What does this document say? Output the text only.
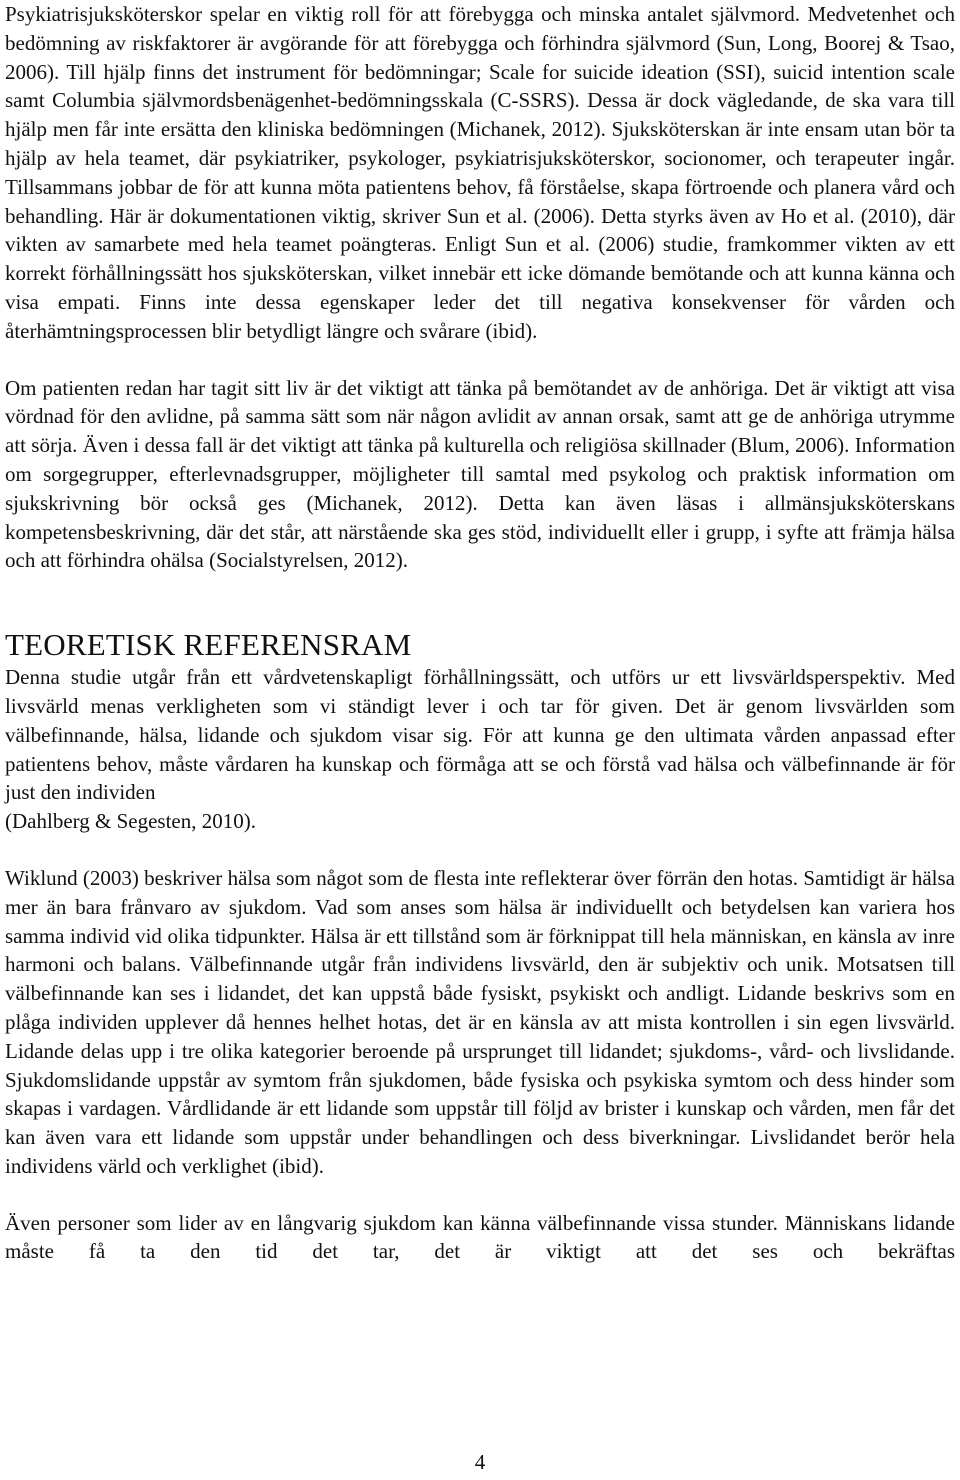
Psykiatrisjuksköterskor spelar en viktig roll för att förebygga och minska antalet självmord. Medvetenhet och bedömning av riskfaktorer är avgörande för att förebygga och förhindra självmord (Sun, Long, Boorej & Tsao, 2006). Till hjälp finns det instrument för bedömningar; Scale for suicide ideation (SSI), suicid intention scale samt Columbia självmordsbenägenhet-bedömningsskala (C-SSRS). Dessa är dock vägledande, de ska vara till hjälp men får inte ersätta den kliniska bedömningen (Michanek, 2012). Sjuksköterskan är inte ensam utan bör ta hjälp av hela teamet, där psykiatriker, psykologer, psykiatrisjuksköterskor, socionomer, och terapeuter ingår. Tillsammans jobbar de för att kunna möta patientens behov, få förståelse, skapa förtroende och planera vård och behandling. Här är dokumentationen viktig, skriver Sun et al. (2006). Detta styrks även av Ho et al. (2010), där vikten av samarbete med hela teamet poängteras. Enligt Sun et al. (2006) studie, framkommer vikten av ett korrekt förhållningssätt hos sjuksköterskan, vilket innebär ett icke dömande bemötande och att kunna känna och visa empati. Finns inte dessa egenskaper leder det till negativa konsekvenser för vården och återhämtningsprocessen blir betydligt längre och svårare (ibid).

Om patienten redan har tagit sitt liv är det viktigt att tänka på bemötandet av de anhöriga. Det är viktigt att visa vördnad för den avlidne, på samma sätt som när någon avlidit av annan orsak, samt att ge de anhöriga utrymme att sörja. Även i dessa fall är det viktigt att tänka på kulturella och religiösa skillnader (Blum, 2006). Information om sorgegrupper, efterlevnadsgrupper, möjligheter till samtal med psykolog och praktisk information om sjukskrivning bör också ges (Michanek, 2012). Detta kan även läsas i allmänsjuksköterskans kompetensbeskrivning, där det står, att närstående ska ges stöd, individuellt eller i grupp, i syfte att främja hälsa och att förhindra ohälsa (Socialstyrelsen, 2012).

TEORETISK REFERENSRAM

Denna studie utgår från ett vårdvetenskapligt förhållningssätt, och utförs ur ett livsvärldsperspektiv. Med livsvärld menas verkligheten som vi ständigt lever i och tar för given. Det är genom livsvärlden som välbefinnande, hälsa, lidande och sjukdom visar sig. För att kunna ge den ultimata vården anpassad efter patientens behov, måste vårdaren ha kunskap och förmåga att se och förstå vad hälsa och välbefinnande är för just den individen

(Dahlberg & Segesten, 2010).

Wiklund (2003) beskriver hälsa som något som de flesta inte reflekterar över förrän den hotas. Samtidigt är hälsa mer än bara frånvaro av sjukdom. Vad som anses som hälsa är individuellt och betydelsen kan variera hos samma individ vid olika tidpunkter. Hälsa är ett tillstånd som är förknippat till hela människan, en känsla av inre harmoni och balans. Välbefinnande utgår från individens livsvärld, den är subjektiv och unik. Motsatsen till välbefinnande kan ses i lidandet, det kan uppstå både fysiskt, psykiskt och andligt. Lidande beskrivs som en plåga individen upplever då hennes helhet hotas, det är en känsla av att mista kontrollen i sin egen livsvärld. Lidande delas upp i tre olika kategorier beroende på ursprunget till lidandet; sjukdoms-, vård- och livslidande. Sjukdomslidande uppstår av symtom från sjukdomen, både fysiska och psykiska symtom och dess hinder som skapas i vardagen. Vårdlidande är ett lidande som uppstår till följd av brister i kunskap och vården, men får det kan även vara ett lidande som uppstår under behandlingen och dess biverkningar. Livslidandet berör hela individens värld och verklighet (ibid).

Även personer som lider av en långvarig sjukdom kan känna välbefinnande vissa stunder. Människans lidande måste få ta den tid det tar, det är viktigt att det ses och bekräftas

4
